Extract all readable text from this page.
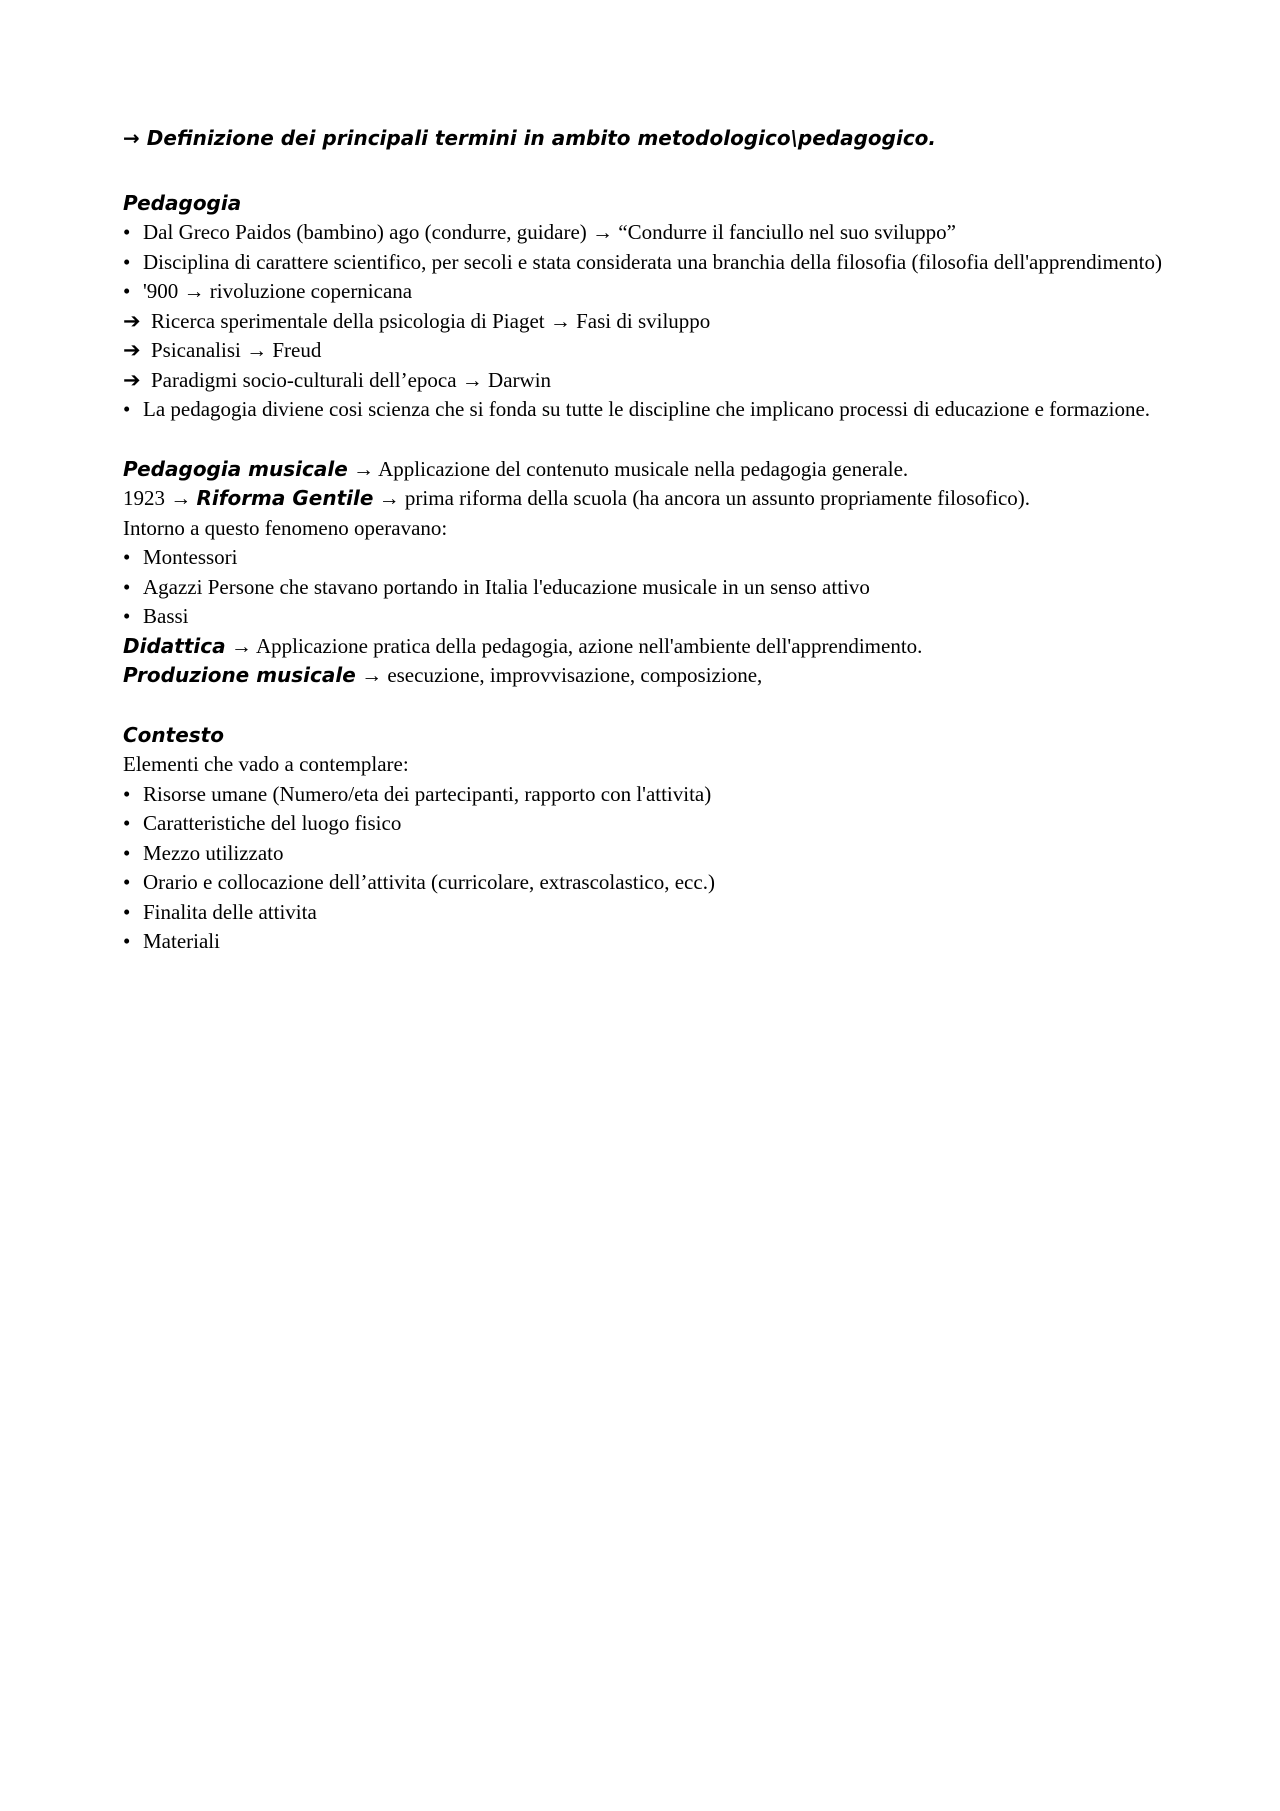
→ Definizione dei principali termini in ambito metodologico\pedagogico.
Pedagogia
• Dal Greco Paidos (bambino) ago (condurre, guidare) → “Condurre il fanciullo nel suo sviluppo”
• Disciplina di carattere scientifico, per secoli e stata considerata una branchia della filosofia (filosofia dell'apprendimento)
• '900 → rivoluzione copernicana
➔ Ricerca sperimentale della psicologia di Piaget → Fasi di sviluppo
➔ Psicanalisi → Freud
➔ Paradigmi socio-culturali dell’epoca → Darwin
• La pedagogia diviene cosi scienza che si fonda su tutte le discipline che implicano processi di educazione e formazione.
Pedagogia musicale → Applicazione del contenuto musicale nella pedagogia generale.
1923 → Riforma Gentile → prima riforma della scuola (ha ancora un assunto propriamente filosofico).
Intorno a questo fenomeno operavano:
• Montessori
• Agazzi Persone che stavano portando in Italia l'educazione musicale in un senso attivo
• Bassi
Didattica → Applicazione pratica della pedagogia, azione nell'ambiente dell'apprendimento.
Produzione musicale → esecuzione, improvvisazione, composizione,
Contesto
Elementi che vado a contemplare:
• Risorse umane (Numero/eta dei partecipanti, rapporto con l'attivita)
• Caratteristiche del luogo fisico
• Mezzo utilizzato
• Orario e collocazione dell’attivita (curricolare, extrascolastico, ecc.)
• Finalita delle attivita
• Materiali
